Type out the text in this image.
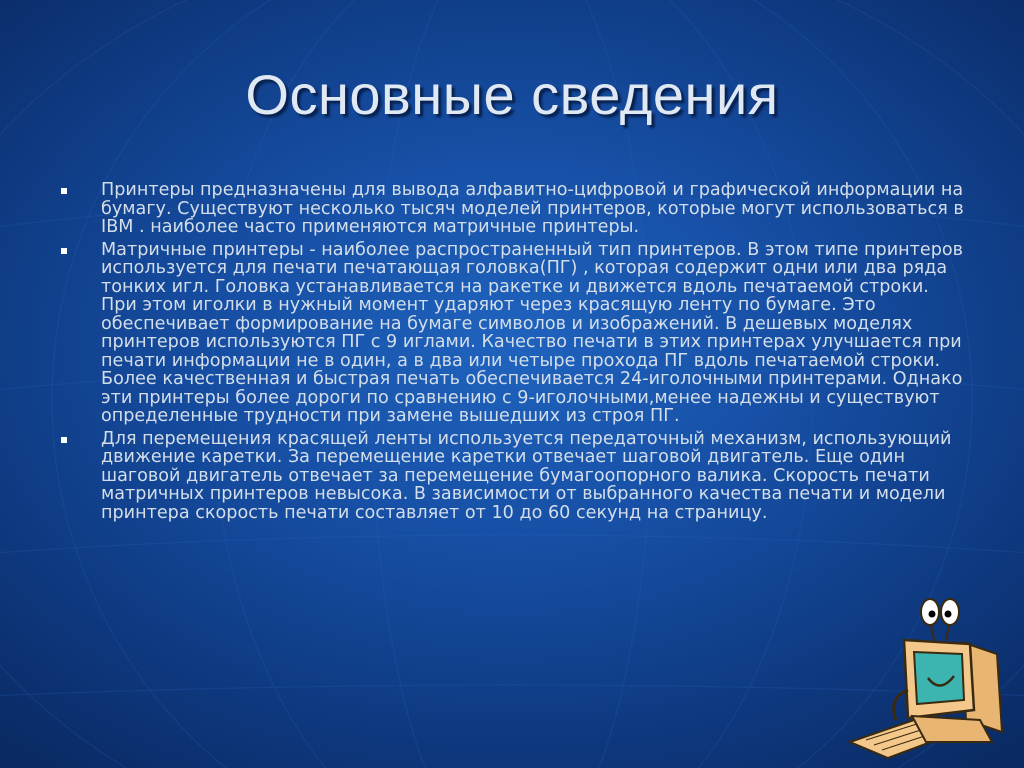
Основные сведения
Принтеры предназначены для вывода алфавитно-цифровой и графической информации на бумагу. Существуют несколько тысяч моделей принтеров, которые могут использоваться в IBM . наиболее часто применяются матричные принтеры.
Матричные принтеры - наиболее распространенный тип принтеров. В этом типе принтеров используется для печати печатающая головка(ПГ) , которая содержит одни или два ряда тонких игл. Головка устанавливается на ракетке и движется вдоль печатаемой строки. При этом иголки в нужный момент ударяют через красящую ленту по бумаге. Это обеспечивает формирование на бумаге символов и изображений. В дешевых моделях принтеров используются ПГ с 9 иглами. Качество печати в этих принтерах улучшается при печати информации не в один, а в два или четыре прохода ПГ вдоль печатаемой строки. Более качественная и быстрая печать обеспечивается 24-иголочными принтерами. Однако эти принтеры более дороги по сравнению с 9-иголочными,менее надежны и существуют определенные трудности при замене вышедших из строя ПГ.
Для перемещения красящей ленты используется передаточный механизм, использующий движение каретки. За перемещение каретки отвечает шаговой двигатель. Еще один шаговой двигатель отвечает за перемещение бумагоопорного валика. Скорость печати матричных принтеров невысока. В зависимости от выбранного качества печати и модели принтера скорость печати составляет от 10 до 60 секунд на страницу.
